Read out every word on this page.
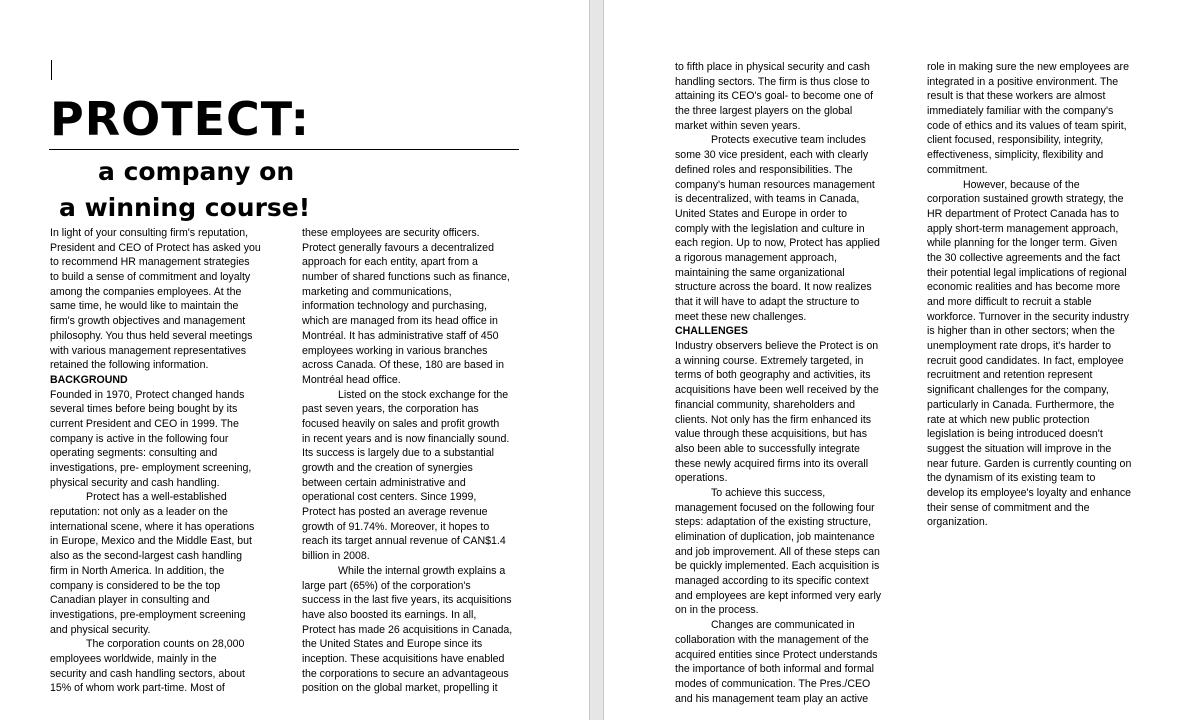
PROTECT:
a company on
a winning course!
In light of your consulting firm's reputation,
President and CEO of Protect has asked you
to recommend HR management strategies
to build a sense of commitment and loyalty
among the companies employees. At the
same time, he would like to maintain the
firm's growth objectives and management
philosophy. You thus held several meetings
with various management representatives
retained the following information.
BACKGROUND
Founded in 1970, Protect changed hands
several times before being bought by its
current President and CEO in 1999. The
company is active in the following four
operating segments: consulting and
investigations, pre- employment screening,
physical security and cash handling.
Protect has a well-established
reputation: not only as a leader on the
international scene, where it has operations
in Europe, Mexico and the Middle East, but
also as the second-largest cash handling
firm in North America. In addition, the
company is considered to be the top
Canadian player in consulting and
investigations, pre-employment screening
and physical security.
The corporation counts on 28,000
employees worldwide, mainly in the
security and cash handling sectors, about
15% of whom work part-time. Most of
these employees are security officers.
Protect generally favours a decentralized
approach for each entity, apart from a
number of shared functions such as finance,
marketing and communications,
information technology and purchasing,
which are managed from its head office in
Montréal. It has administrative staff of 450
employees working in various branches
across Canada. Of these, 180 are based in
Montréal head office.
Listed on the stock exchange for the
past seven years, the corporation has
focused heavily on sales and profit growth
in recent years and is now financially sound.
Its success is largely due to a substantial
growth and the creation of synergies
between certain administrative and
operational cost centers. Since 1999,
Protect has posted an average revenue
growth of 91.74%. Moreover, it hopes to
reach its target annual revenue of CAN$1.4
billion in 2008.
While the internal growth explains a
large part (65%) of the corporation's
success in the last five years, its acquisitions
have also boosted its earnings. In all,
Protect has made 26 acquisitions in Canada,
the United States and Europe since its
inception. These acquisitions have enabled
the corporations to secure an advantageous
position on the global market, propelling it
to fifth place in physical security and cash
handling sectors. The firm is thus close to
attaining its CEO's goal- to become one of
the three largest players on the global
market within seven years.
Protects executive team includes
some 30 vice president, each with clearly
defined roles and responsibilities. The
company's human resources management
is decentralized, with teams in Canada,
United States and Europe in order to
comply with the legislation and culture in
each region. Up to now, Protect has applied
a rigorous management approach,
maintaining the same organizational
structure across the board. It now realizes
that it will have to adapt the structure to
meet these new challenges.
CHALLENGES
Industry observers believe the Protect is on
a winning course. Extremely targeted, in
terms of both geography and activities, its
acquisitions have been well received by the
financial community, shareholders and
clients. Not only has the firm enhanced its
value through these acquisitions, but has
also been able to successfully integrate
these newly acquired firms into its overall
operations.
To achieve this success,
management focused on the following four
steps: adaptation of the existing structure,
elimination of duplication, job maintenance
and job improvement. All of these steps can
be quickly implemented. Each acquisition is
managed according to its specific context
and employees are kept informed very early
on in the process.
Changes are communicated in
collaboration with the management of the
acquired entities since Protect understands
the importance of both informal and formal
modes of communication. The Pres./CEO
and his management team play an active
role in making sure the new employees are
integrated in a positive environment. The
result is that these workers are almost
immediately familiar with the company's
code of ethics and its values of team spirit,
client focused, responsibility, integrity,
effectiveness, simplicity, flexibility and
commitment.
However, because of the
corporation sustained growth strategy, the
HR department of Protect Canada has to
apply short-term management approach,
while planning for the longer term. Given
the 30 collective agreements and the fact
their potential legal implications of regional
economic realities and has become more
and more difficult to recruit a stable
workforce. Turnover in the security industry
is higher than in other sectors; when the
unemployment rate drops, it's harder to
recruit good candidates. In fact, employee
recruitment and retention represent
significant challenges for the company,
particularly in Canada. Furthermore, the
rate at which new public protection
legislation is being introduced doesn't
suggest the situation will improve in the
near future. Garden is currently counting on
the dynamism of its existing team to
develop its employee's loyalty and enhance
their sense of commitment and the
organization.
